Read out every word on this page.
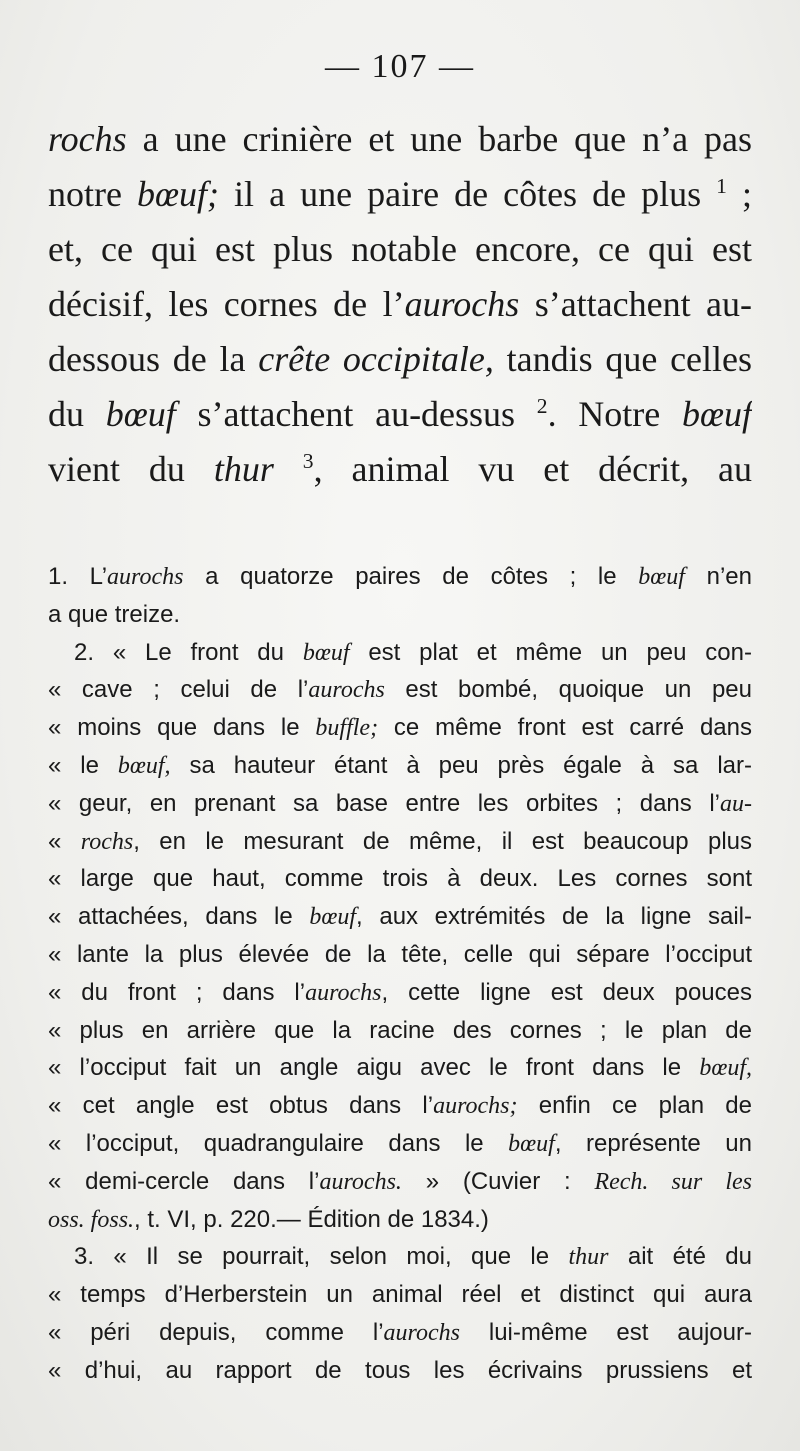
— 107 —
rochs a une crinière et une barbe que n’a pas
notre bœuf; il a une paire de côtes de plus $^1$ ;
et, ce qui est plus notable encore, ce qui est
décisif, les cornes de l’aurochs s’attachent au-
dessous de la crête occipitale, tandis que celles
du bœuf s’attachent au-dessus $^2$. Notre bœuf
vient du thur $^3$, animal vu et décrit, au
1. L’aurochs a quatorze paires de côtes ; le bœuf n’en
a que treize.
2. « Le front du bœuf est plat et même un peu con-
« cave ; celui de l’aurochs est bombé, quoique un peu
« moins que dans le buffle; ce même front est carré dans
« le bœuf, sa hauteur étant à peu près égale à sa lar-
« geur, en prenant sa base entre les orbites ; dans l’au-
« rochs, en le mesurant de même, il est beaucoup plus
« large que haut, comme trois à deux. Les cornes sont
« attachées, dans le bœuf, aux extrémités de la ligne sail-
« lante la plus élevée de la tête, celle qui sépare l’occiput
« du front ; dans l’aurochs, cette ligne est deux pouces
« plus en arrière que la racine des cornes ; le plan de
« l’occiput fait un angle aigu avec le front dans le bœuf,
« cet angle est obtus dans l’aurochs; enfin ce plan de
« l’occiput, quadrangulaire dans le bœuf, représente un
« demi-cercle dans l’aurochs. » (Cuvier : Rech. sur les
oss. foss., t. VI, p. 220.— Édition de 1834.)
3. « Il se pourrait, selon moi, que le thur ait été du
« temps d’Herberstein un animal réel et distinct qui aura
« péri depuis, comme l’aurochs lui-même est aujour-
« d’hui, au rapport de tous les écrivains prussiens et
